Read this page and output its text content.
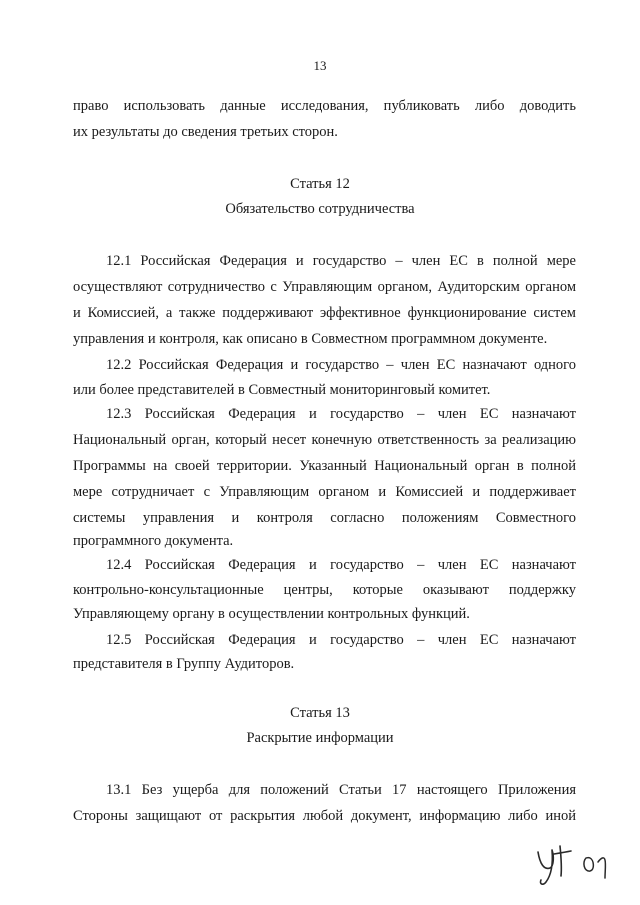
13
право использовать данные исследования, публиковать либо доводить
их результаты до сведения третьих сторон.
Статья 12
Обязательство сотрудничества
12.1 Российская Федерация и государство – член ЕС в полной мере
осуществляют сотрудничество с Управляющим органом, Аудиторским органом
и Комиссией, а также поддерживают эффективное функционирование систем
управления и контроля, как описано в Совместном программном документе.
12.2 Российская Федерация и государство – член ЕС назначают одного
или более представителей в Совместный мониторинговый комитет.
12.3 Российская Федерация и государство – член ЕС назначают
Национальный орган, который несет конечную ответственность за реализацию
Программы на своей территории. Указанный Национальный орган в полной
мере сотрудничает с Управляющим органом и Комиссией и поддерживает
системы управления и контроля согласно положениям Совместного
программного документа.
12.4 Российская Федерация и государство – член ЕС назначают
контрольно-консультационные центры, которые оказывают поддержку
Управляющему органу в осуществлении контрольных функций.
12.5 Российская Федерация и государство – член ЕС назначают
представителя в Группу Аудиторов.
Статья 13
Раскрытие информации
13.1 Без ущерба для положений Статьи 17 настоящего Приложения
Стороны защищают от раскрытия любой документ, информацию либо иной
